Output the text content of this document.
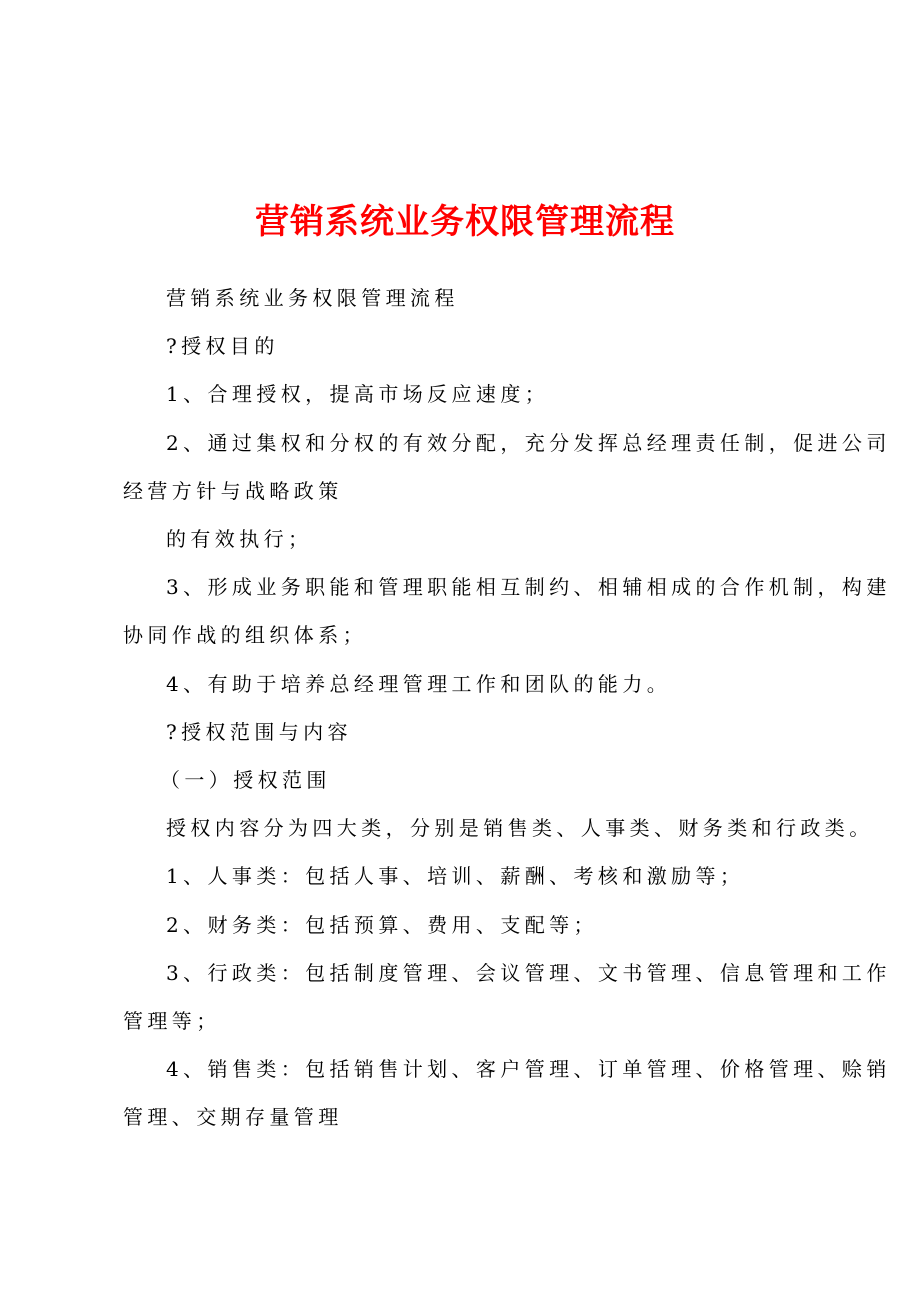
营销系统业务权限管理流程
营销系统业务权限管理流程
?授权目的
1、合理授权，提高市场反应速度；
2、通过集权和分权的有效分配，充分发挥总经理责任制，促进公司
经营方针与战略政策
的有效执行；
3、形成业务职能和管理职能相互制约、相辅相成的合作机制，构建
协同作战的组织体系；
4、有助于培养总经理管理工作和团队的能力。
?授权范围与内容
（一）授权范围
授权内容分为四大类，分别是销售类、人事类、财务类和行政类。
1、人事类：包括人事、培训、薪酬、考核和激励等；
2、财务类：包括预算、费用、支配等；
3、行政类：包括制度管理、会议管理、文书管理、信息管理和工作
管理等；
4、销售类：包括销售计划、客户管理、订单管理、价格管理、赊销
管理、交期存量管理
